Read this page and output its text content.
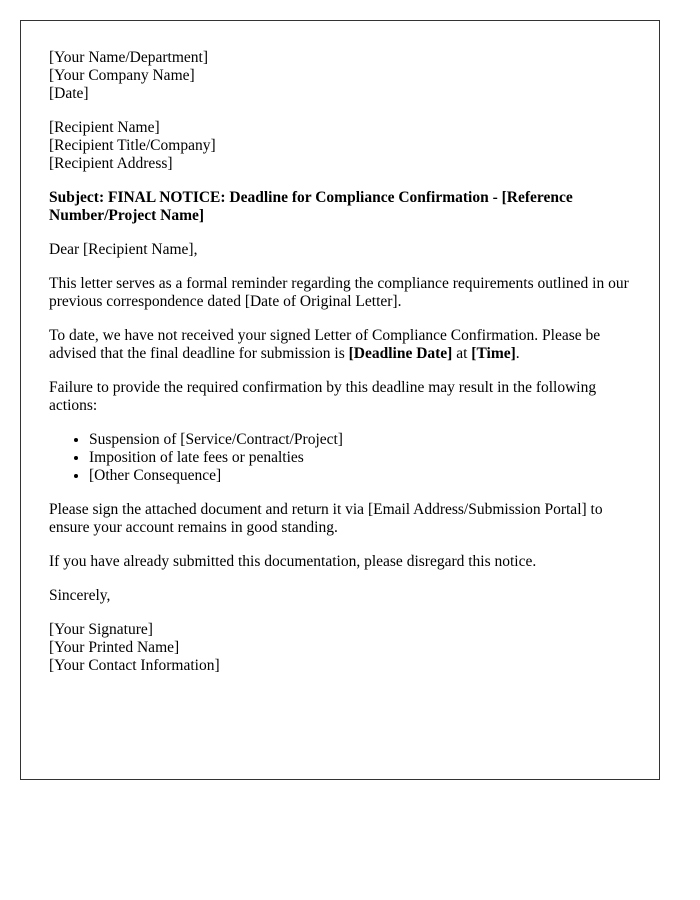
[Your Name/Department]
[Your Company Name]
[Date]
[Recipient Name]
[Recipient Title/Company]
[Recipient Address]

Subject: FINAL NOTICE: Deadline for Compliance Confirmation - [Reference Number/Project Name]

Dear [Recipient Name],

This letter serves as a formal reminder regarding the compliance requirements outlined in our previous correspondence dated [Date of Original Letter].

To date, we have not received your signed Letter of Compliance Confirmation. Please be advised that the final deadline for submission is [Deadline Date] at [Time].

Failure to provide the required confirmation by this deadline may result in the following actions:

• Suspension of [Service/Contract/Project]
• Imposition of late fees or penalties
• [Other Consequence]

Please sign the attached document and return it via [Email Address/Submission Portal] to ensure your account remains in good standing.

If you have already submitted this documentation, please disregard this notice.

Sincerely,

[Your Signature]
[Your Printed Name]
[Your Contact Information]
